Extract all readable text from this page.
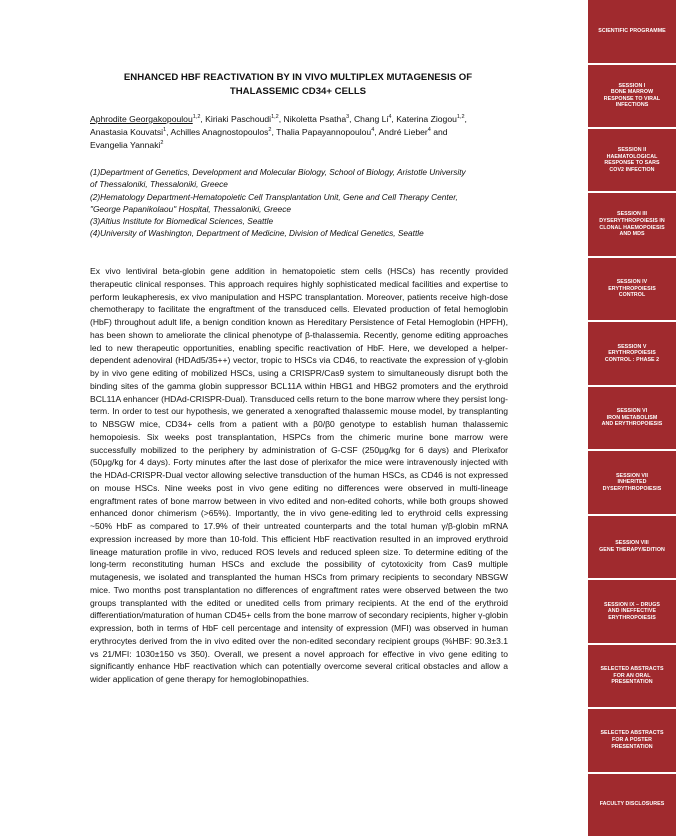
ENHANCED HBF REACTIVATION BY IN VIVO MULTIPLEX MUTAGENESIS OF
THALASSEMIC CD34+ CELLS
Aphrodite Georgakopoulou$^{1,2}$, Kiriaki Paschoudi$^{1,2}$, Nikoletta Psatha$^3$, Chang Li$^4$, Katerina Ziogou$^{1,2}$,
Anastasia Kouvatsi$^1$, Achilles Anagnostopoulos$^2$, Thalia Papayannopoulou$^4$, André Lieber$^4$ and
Evangelia Yannaki$^2$
(1)Department of Genetics, Development and Molecular Biology, School of Biology, Aristotle University
of Thessaloniki, Thessaloniki, Greece
(2)Hematology Department-Hematopoietic Cell Transplantation Unit, Gene and Cell Therapy Center,
"George Papanikolaou" Hospital, Thessaloniki, Greece
(3)Altius Institute for Biomedical Sciences, Seattle
(4)University of Washington, Department of Medicine, Division of Medical Genetics, Seattle
Ex vivo lentiviral beta-globin gene addition in hematopoietic stem cells (HSCs) has recently provided therapeutic clinical responses. This approach requires highly sophisticated medical facilities and expertise to perform leukapheresis, ex vivo manipulation and HSPC transplantation. Moreover, patients receive high-dose chemotherapy to facilitate the engraftment of the transduced cells. Elevated production of fetal hemoglobin (HbF) throughout adult life, a benign condition known as Hereditary Persistence of Fetal Hemoglobin (HPFH), has been shown to ameliorate the clinical phenotype of β-thalassemia. Recently, genome editing approaches led to new therapeutic opportunities, enabling specific reactivation of HbF. Here, we developed a helper-dependent adenoviral (HDAd5/35++) vector, tropic to HSCs via CD46, to reactivate the expression of γ-globin by in vivo gene editing of mobilized HSCs, using a CRISPR/Cas9 system to simultaneously disrupt both the binding sites of the gamma globin suppressor BCL11A within HBG1 and HBG2 promoters and the erythroid BCL11A enhancer (HDAd-CRISPR-Dual). Transduced cells return to the bone marrow where they persist long-term. In order to test our hypothesis, we generated a xenografted thalassemic mouse model, by transplanting to NBSGW mice, CD34+ cells from a patient with a β0/β0 genotype to establish human thalassemic hemopoiesis. Six weeks post transplantation, HSPCs from the chimeric murine bone marrow were successfully mobilized to the periphery by administration of G-CSF (250μg/kg for 6 days) and Plerixafor (50μg/kg for 4 days). Forty minutes after the last dose of plerixafor the mice were intravenously injected with the HDAd-CRISPR-Dual vector allowing selective transduction of the human HSCs, as CD46 is not expressed on mouse HSCs. Nine weeks post in vivo gene editing no differences were observed in multi-lineage engraftment rates of bone marrow between in vivo edited and non-edited cohorts, while both groups showed enhanced donor chimerism (>65%). Importantly, the in vivo gene-editing led to erythroid cells expressing ~50% HbF as compared to 17.9% of their untreated counterparts and the total human γ/β-globin mRNA expression increased by more than 10-fold. This efficient HbF reactivation resulted in an improved erythroid lineage maturation profile in vivo, reduced ROS levels and reduced spleen size. To determine editing of the long-term reconstituting human HSCs and exclude the possibility of cytotoxicity from Cas9 multiple mutagenesis, we isolated and transplanted the human HSCs from primary recipients to secondary NBSGW mice. Two months post transplantation no differences of engraftment rates were observed between the two groups transplanted with the edited or unedited cells from primary recipients. At the end of the erythroid differentiation/maturation of human CD45+ cells from the bone marrow of secondary recipients, higher γ-globin expression, both in terms of HbF cell percentage and intensity of expression (MFI) was observed in human erythrocytes derived from the in vivo edited over the non-edited secondary recipient groups (%HBF: 90.3±3.1 vs 21/MFI: 1030±150 vs 350). Overall, we present a novel approach for effective in vivo gene editing to significantly enhance HbF reactivation which can potentially overcome several critical obstacles and allow a wider application of gene therapy for hemoglobinopathies.
SCIENTIFIC PROGRAMME
SESSION I
BONE MARROW
RESPONSE TO VIRAL
INFECTIONS
SESSION II
HAEMATOLOGICAL
RESPONSE TO SARS
COV2 INFECTION
SESSION III
DYSERYTHROPOIESIS IN
CLONAL HAEMOPOIESIS
AND MDS
SESSION IV
ERYTHROPOIESIS
CONTROL
SESSION V
ERYTHROPOIESIS
CONTROL : PHASE 2
SESSION VI
IRON METABOLISM
AND ERYTHROPOIESIS
SESSION VII
INHERITED
DYSERYTHROPOIESIS
SESSION VIII
GENE THERAPY/EDITION
SESSION IX – DRUGS
AND INEFFECTIVE
ERYTHROPOIESIS
SELECTED ABSTRACTS
FOR AN ORAL
PRESENTATION
SELECTED ABSTRACTS
FOR A POSTER
PRESENTATION
FACULTY DISCLOSURES
